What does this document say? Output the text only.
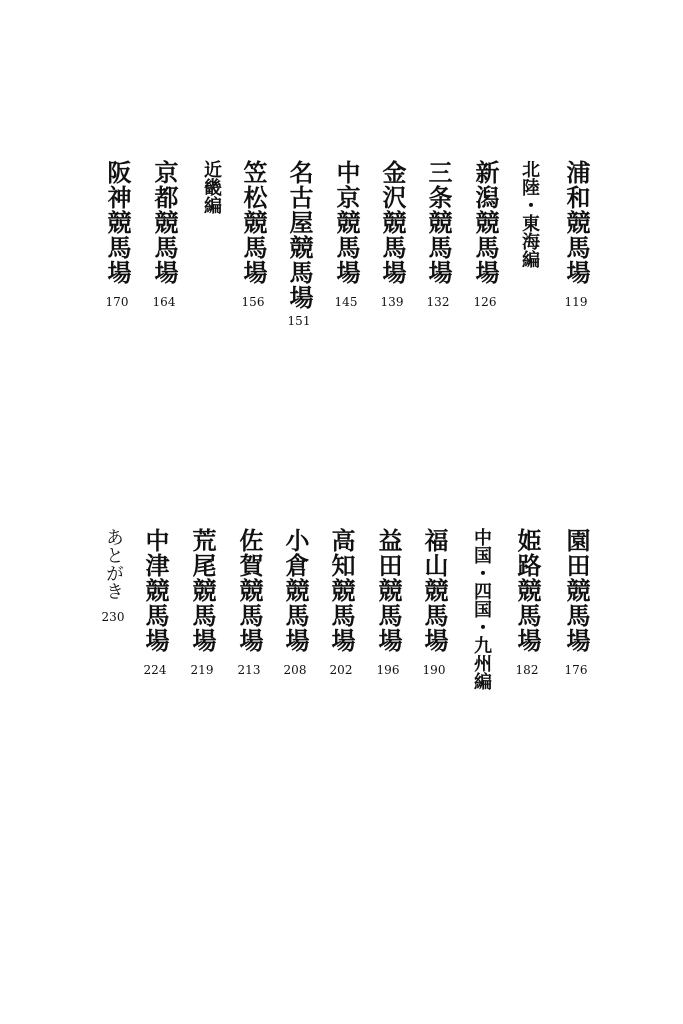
浦和競馬場
119
北陸・東海編
新潟競馬場
126
三条競馬場
132
金沢競馬場
139
中京競馬場
145
名古屋競馬場
151
笠松競馬場
156
近畿編
京都競馬場
164
阪神競馬場
170
園田競馬場
176
姫路競馬場
182
中国・四国・九州編
福山競馬場
190
益田競馬場
196
高知競馬場
202
小倉競馬場
208
佐賀競馬場
213
荒尾競馬場
219
中津競馬場
224
あとがき
230
